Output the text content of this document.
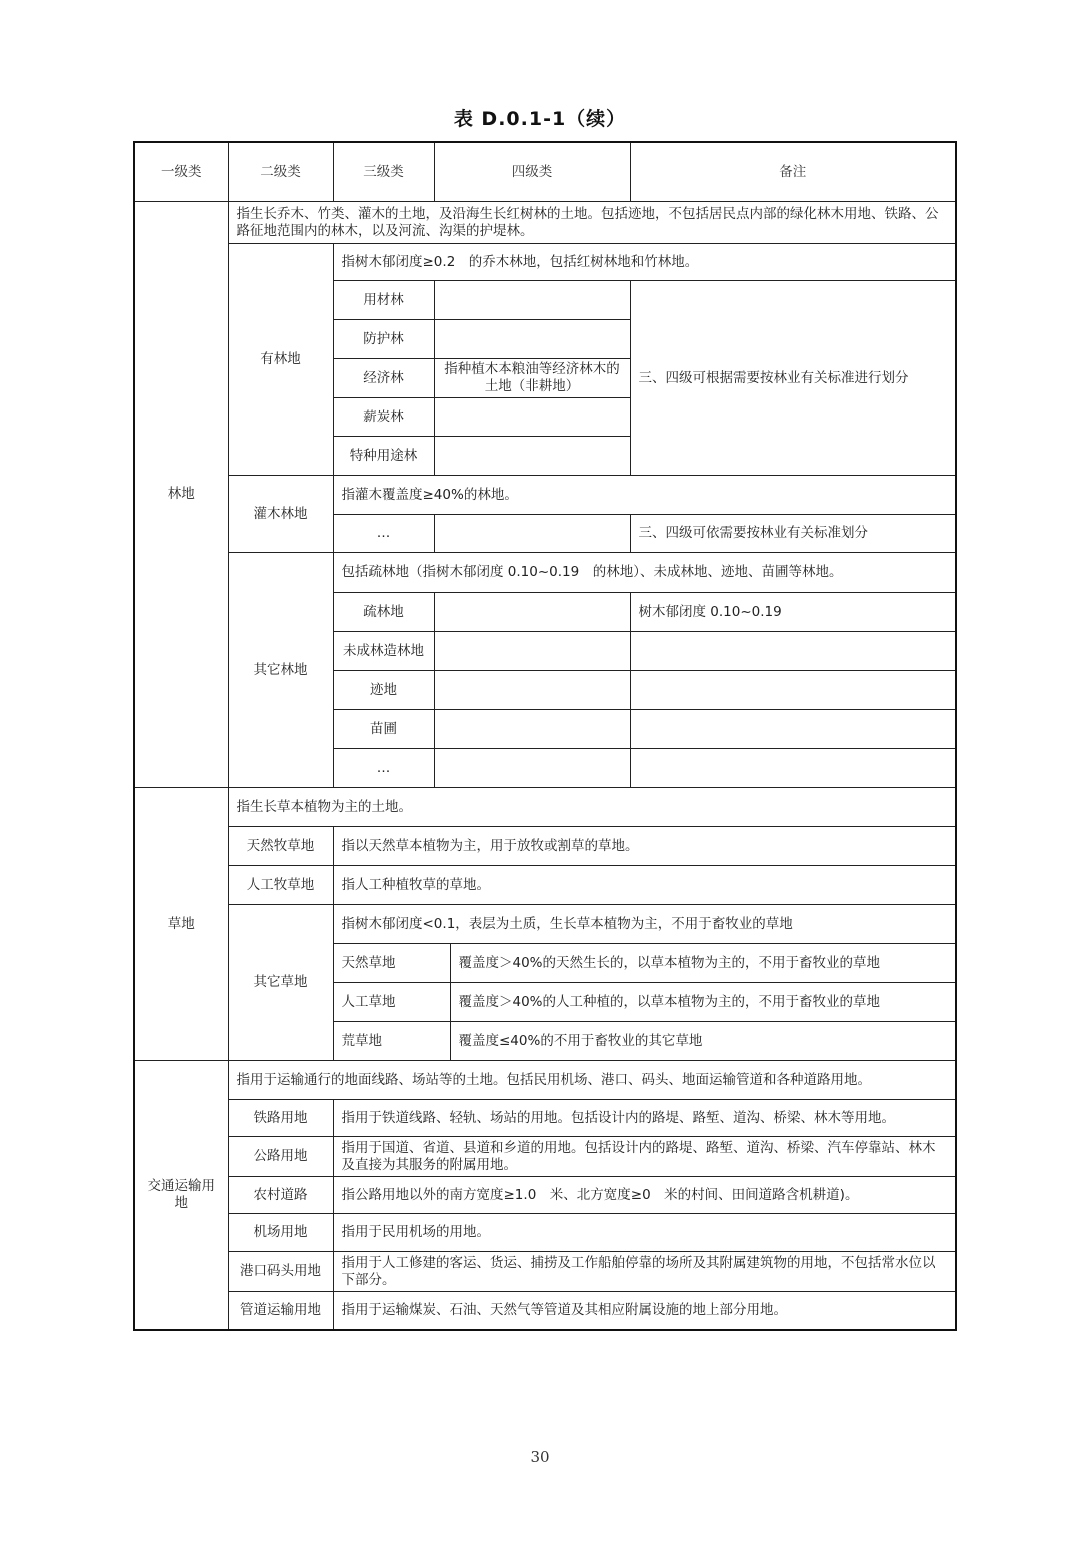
表 D.0.1-1（续）
一级类	二级类	三级类	四级类		备注
林地	指生长乔木、竹类、灌木的土地，及沿海生长红树林的土地。包括迹地，不包括居民点内部的绿化林木用地、铁路、公路征地范围内的林木，以及河流、沟渠的护堤林。				
	有林地	指树木郁闭度≥0.2　的乔木林地，包括红树林地和竹林地。			
		用材林			三、四级可根据需要按林业有关标准进行划分
		防护林			
		经济林	指种植木本粮油等经济林木的土地（非耕地）		
		薪炭林			
		特种用途林			
	灌木林地	指灌木覆盖度≥40%的林地。			
		…			三、四级可依需要按林业有关标准划分
	其它林地	包括疏林地（指树木郁闭度 0.10~0.19　的林地）、未成林地、迹地、苗圃等林地。			
		疏林地			树木郁闭度 0.10~0.19
		未成林造林地			
		迹地			
		苗圃			
		…			
草地	指生长草本植物为主的土地。				
	天然牧草地	指以天然草本植物为主，用于放牧或割草的草地。			
	人工牧草地	指人工种植牧草的草地。			
	其它草地	指树木郁闭度<0.1，表层为土质，生长草本植物为主，不用于畜牧业的草地			
		天然草地		覆盖度＞40%的天然生长的，以草本植物为主的，不用于畜牧业的草地	
		人工草地		覆盖度＞40%的人工种植的，以草本植物为主的，不用于畜牧业的草地	
		荒草地		覆盖度≤40%的不用于畜牧业的其它草地	
交通运输用地	指用于运输通行的地面线路、场站等的土地。包括民用机场、港口、码头、地面运输管道和各种道路用地。				
	铁路用地	指用于铁道线路、轻轨、场站的用地。包括设计内的路堤、路堑、道沟、桥梁、林木等用地。			
	公路用地	指用于国道、省道、县道和乡道的用地。包括设计内的路堤、路堑、道沟、桥梁、汽车停靠站、林木及直接为其服务的附属用地。			
	农村道路	指公路用地以外的南方宽度≥1.0　米、北方宽度≥0　米的村间、田间道路含机耕道)。			
	机场用地	指用于民用机场的用地。			
	港口码头用地	指用于人工修建的客运、货运、捕捞及工作船舶停靠的场所及其附属建筑物的用地，不包括常水位以下部分。			
	管道运输用地	指用于运输煤炭、石油、天然气等管道及其相应附属设施的地上部分用地。			
30
